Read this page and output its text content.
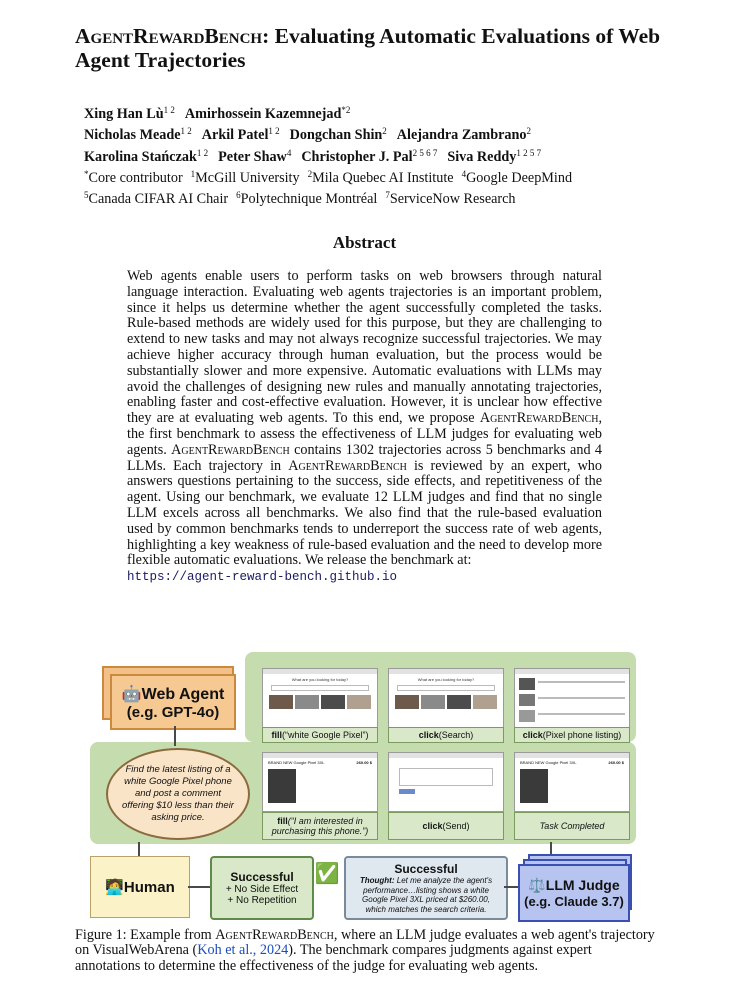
AgentRewardBench: Evaluating Automatic Evaluations of Web Agent Trajectories
Xing Han $Lù^{1 2}$ Amirhossein Kazemnejad$^{*2}$
Nicholas Meade$^{1 2}$ Arkil Patel$^{1 2}$ Dongchan Shin$^2$ Alejandra Zambrano$^2$
Karolina Stańczak$^{1 2}$ Peter Shaw$^4$ Christopher J. Pal$^{2 5 6 7}$ Siva Reddy$^{1 2 5 7}$
*Core contributor $^1$McGill University $^2$Mila Quebec AI Institute $^4$Google DeepMind
$^5$Canada CIFAR AI Chair $^6$Polytechnique Montréal $^7$ServiceNow Research
Abstract
Web agents enable users to perform tasks on web browsers through natural language interaction. Evaluating web agents trajectories is an important problem, since it helps us determine whether the agent successfully completed the tasks. Rule-based methods are widely used for this purpose, but they are challenging to extend to new tasks and may not always recognize successful trajectories. We may achieve higher accuracy through human evaluation, but the process would be substantially slower and more expensive. Automatic evaluations with LLMs may avoid the challenges of designing new rules and manually annotating trajectories, enabling faster and cost-effective evaluation. However, it is unclear how effective they are at evaluating web agents. To this end, we propose AgentRewardBench, the first benchmark to assess the effectiveness of LLM judges for evaluating web agents. AgentRewardBench contains 1302 trajectories across 5 benchmarks and 4 LLMs. Each trajectory in AgentRewardBench is reviewed by an expert, who answers questions pertaining to the success, side effects, and repetitiveness of the agent. Using our benchmark, we evaluate 12 LLM judges and find that no single LLM excels across all benchmarks. We also find that the rule-based evaluation used by common benchmarks tends to underreport the success rate of web agents, highlighting a key weakness of rule-based evaluation and the need to develop more flexible automatic evaluations. We release the benchmark at:
https://agent-reward-bench.github.io
🤖Web Agent
(e.g. GPT-4o)
Find the latest listing of a white Google Pixel phone and post a comment offering $10 less than their asking price.
What are you looking for today?	What are you looking for today?
fill(“white Google Pixel”)	click(Search)	click(Pixel phone listing)
BRAND NEW Google Pixel 3XL	260.00 $	BRAND NEW Google Pixel 3XL	260.00 $
fill(“I am interested in purchasing this phone.”)	click(Send)	Task Completed
🧑‍💻Human
Successful
+ No Side Effect
+ No Repetition
✅	Successful
Thought: Let me analyze the agent's performance…listing shows a white Google Pixel 3XL priced at $260.00, which matches the search criteria.
⚖️LLM Judge
(e.g. Claude 3.7)
Figure 1: Example from AgentRewardBench, where an LLM judge evaluates a web agent's trajectory on VisualWebArena (Koh et al., 2024). The benchmark compares judgments against expert annotations to determine the effectiveness of the judge for evaluating web agents.
